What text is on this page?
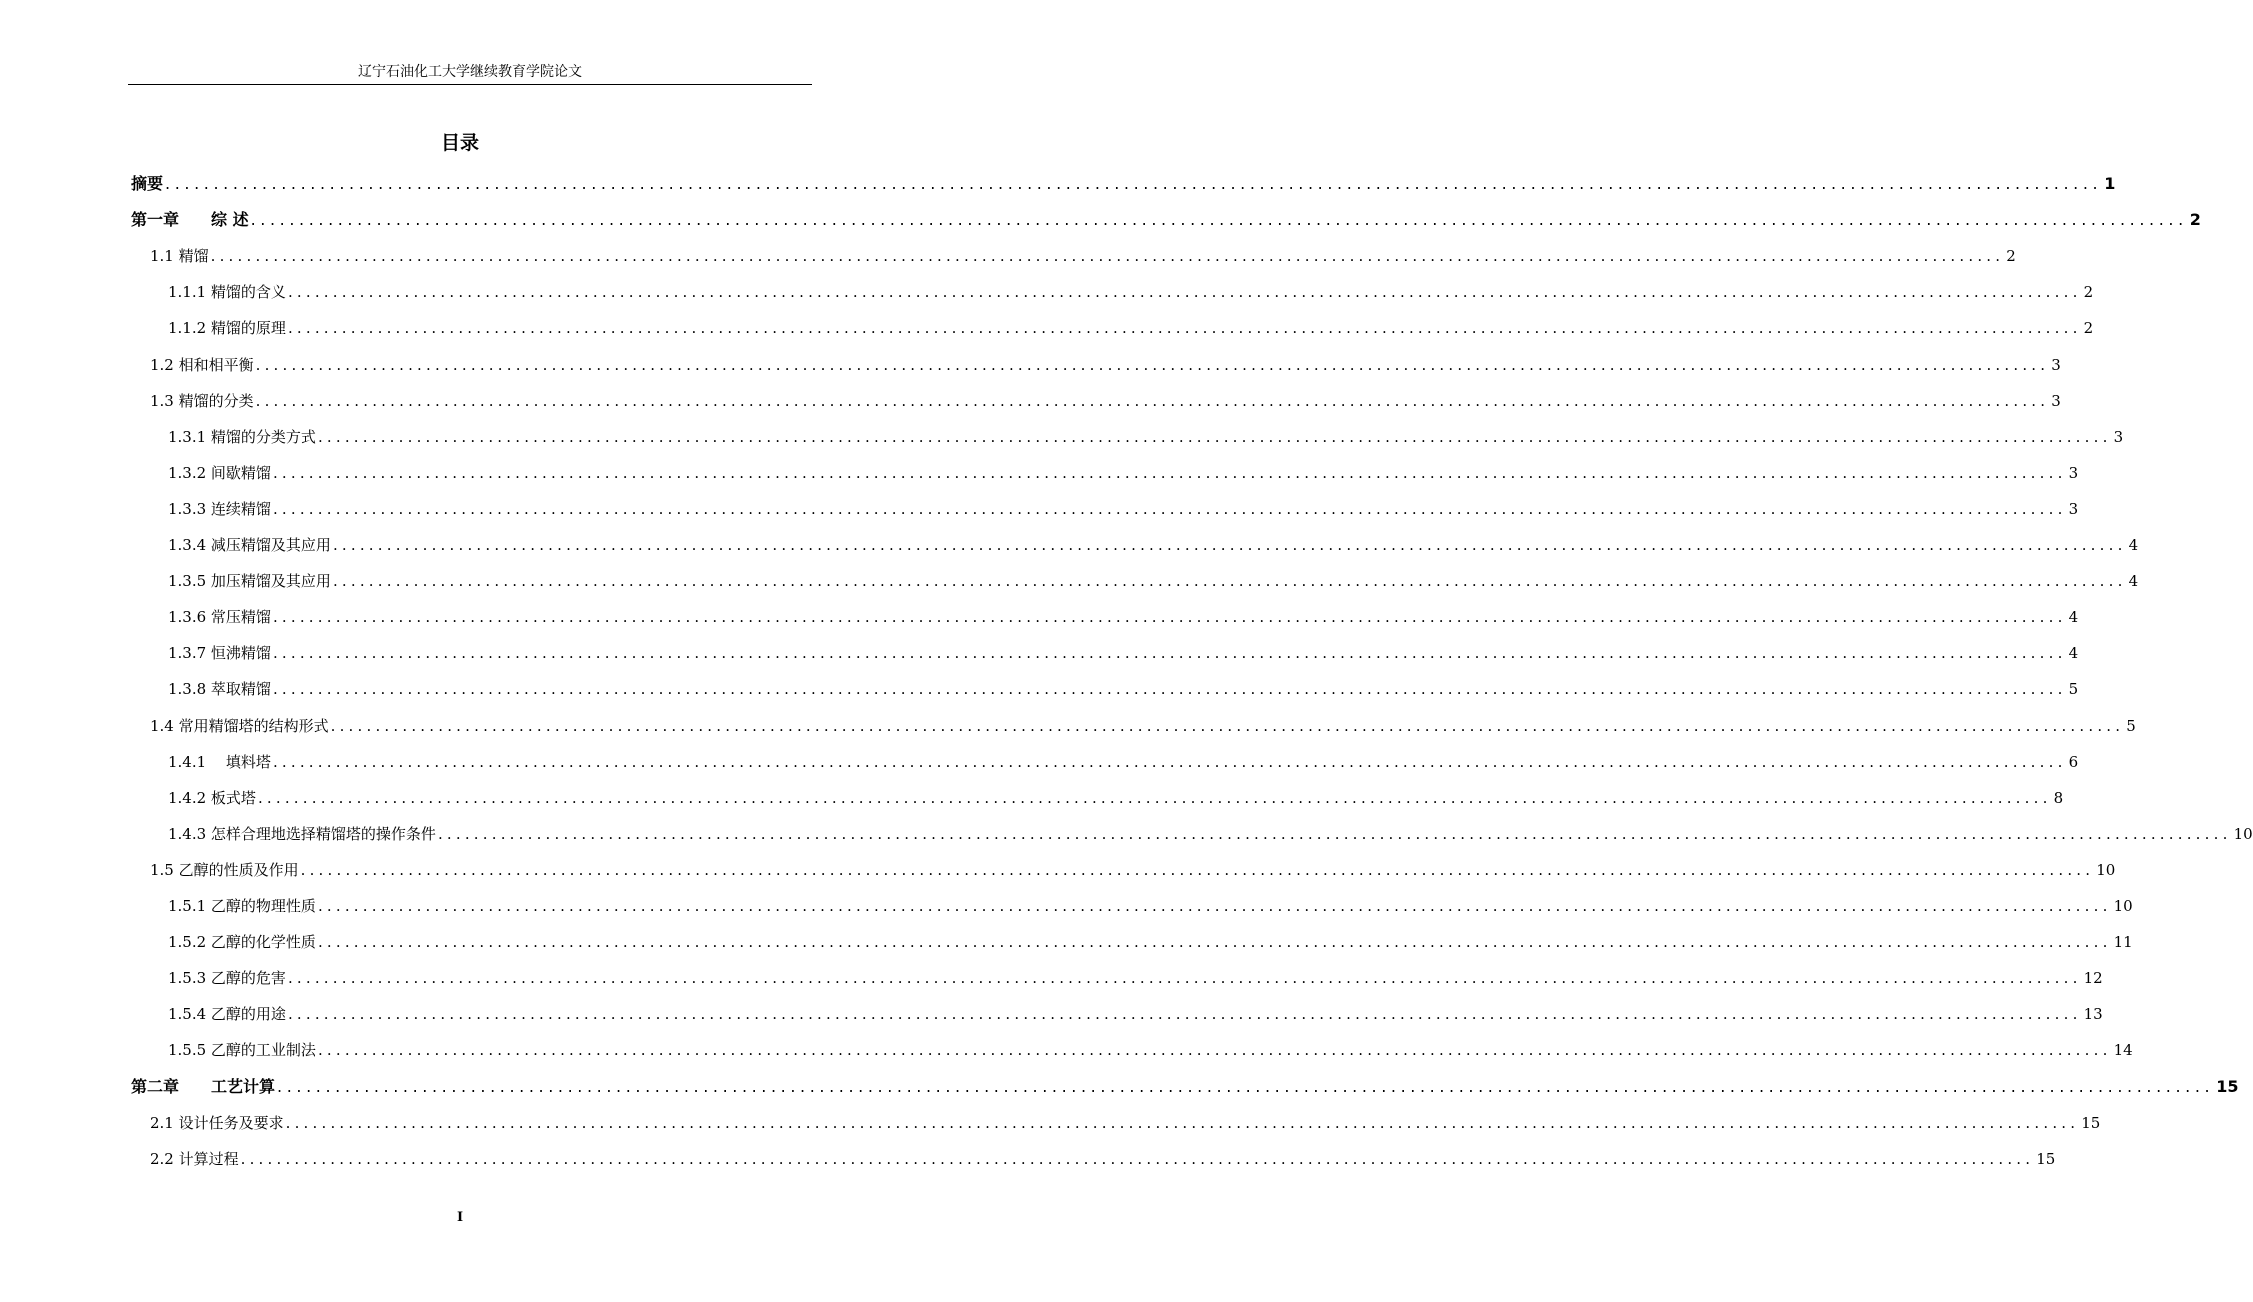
辽宁石油化工大学继续教育学院论文
目录
摘要 ........................................................................................................................................................................................................ 1
第一章　　综 述 ........................................................................................................................................................................................................ 2
1.1 精馏 ........................................................................................................................................................................................................ 2
1.1.1 精馏的含义 ........................................................................................................................................................................................................ 2
1.1.2 精馏的原理 ........................................................................................................................................................................................................ 2
1.2 相和相平衡 ........................................................................................................................................................................................................ 3
1.3 精馏的分类 ........................................................................................................................................................................................................ 3
1.3.1 精馏的分类方式 ........................................................................................................................................................................................................ 3
1.3.2 间歇精馏 ........................................................................................................................................................................................................ 3
1.3.3 连续精馏 ........................................................................................................................................................................................................ 3
1.3.4 减压精馏及其应用 ........................................................................................................................................................................................................ 4
1.3.5 加压精馏及其应用 ........................................................................................................................................................................................................ 4
1.3.6 常压精馏 ........................................................................................................................................................................................................ 4
1.3.7 恒沸精馏 ........................................................................................................................................................................................................ 4
1.3.8 萃取精馏 ........................................................................................................................................................................................................ 5
1.4 常用精馏塔的结构形式 ........................................................................................................................................................................................................ 5
1.4.1　 填料塔 ........................................................................................................................................................................................................ 6
1.4.2 板式塔 ........................................................................................................................................................................................................ 8
1.4.3 怎样合理地选择精馏塔的操作条件 ........................................................................................................................................................................................................ 10
1.5 乙醇的性质及作用 ........................................................................................................................................................................................................ 10
1.5.1 乙醇的物理性质 ........................................................................................................................................................................................................ 10
1.5.2 乙醇的化学性质 ........................................................................................................................................................................................................ 11
1.5.3 乙醇的危害 ........................................................................................................................................................................................................ 12
1.5.4 乙醇的用途 ........................................................................................................................................................................................................ 13
1.5.5 乙醇的工业制法 ........................................................................................................................................................................................................ 14
第二章　　工艺计算 ........................................................................................................................................................................................................ 15
2.1 设计任务及要求 ........................................................................................................................................................................................................ 15
2.2 计算过程 ........................................................................................................................................................................................................ 15
I
